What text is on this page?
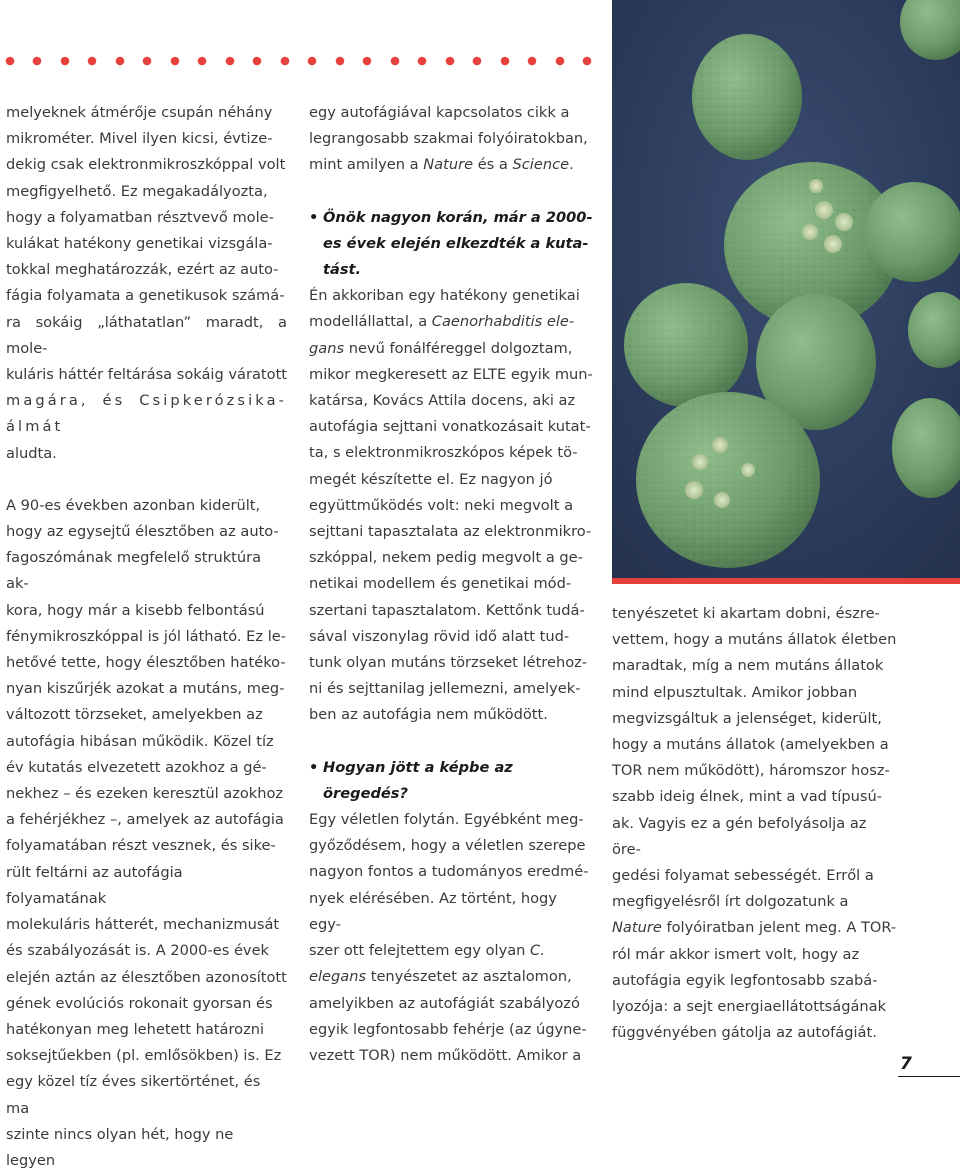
melyeknek átmérője csupán néhány
mikrométer. Mivel ilyen kicsi, évtize-
dekig csak elektronmikroszkóppal volt
megfigyelhető. Ez megakadályozta,
hogy a folyamatban résztvevő mole-
kulákat hatékony genetikai vizsgála-
tokkal meghatározzák, ezért az auto-
fágia folyamata a genetikusok számá-
ra sokáig „láthatatlan” maradt, a mole-
kuláris háttér feltárása sokáig váratott
magára, és Csipkerózsika-álmát
aludta.

A 90-es években azonban kiderült,
hogy az egysejtű élesztőben az auto-
fagoszómának megfelelő struktúra ak-
kora, hogy már a kisebb felbontású
fénymikroszkóppal is jól látható. Ez le-
hetővé tette, hogy élesztőben hatéko-
nyan kiszűrjék azokat a mutáns, meg-
változott törzseket, amelyekben az
autofágia hibásan működik. Közel tíz
év kutatás elvezetett azokhoz a gé-
nekhez – és ezeken keresztül azokhoz
a fehérjékhez –, amelyek az autofágia
folyamatában részt vesznek, és sike-
rült feltárni az autofágia folyamatának
molekuláris hátterét, mechanizmusát
és szabályozását is. A 2000-es évek
elején aztán az élesztőben azonosított
gének evolúciós rokonait gyorsan és
hatékonyan meg lehetett határozni
soksejtűekben (pl. emlősökben) is. Ez
egy közel tíz éves sikertörténet, és ma
szinte nincs olyan hét, hogy ne legyen

egy autofágiával kapcsolatos cikk a
legrangosabb szakmai folyóiratokban,
mint amilyen a Nature és a Science.

• Önök nagyon korán, már a 2000-
es évek elején elkezdték a kuta-
tást.

Én akkoriban egy hatékony genetikai
modellállattal, a Caenorhabditis ele-
gans nevű fonálféreggel dolgoztam,
mikor megkeresett az ELTE egyik mun-
katársa, Kovács Attila docens, aki az
autofágia sejttani vonatkozásait kutat-
ta, s elektronmikroszkópos képek tö-
megét készítette el. Ez nagyon jó
együttműködés volt: neki megvolt a
sejttani tapasztalata az elektronmikro-
szkóppal, nekem pedig megvolt a ge-
netikai modellem és genetikai mód-
szertani tapasztalatom. Kettőnk tudá-
sával viszonylag rövid idő alatt tud-
tunk olyan mutáns törzseket létrehoz-
ni és sejttanilag jellemezni, amelyek-
ben az autofágia nem működött.

• Hogyan jött a képbe az öregedés?

Egy véletlen folytán. Egyébként meg-
győződésem, hogy a véletlen szerepe
nagyon fontos a tudományos eredmé-
nyek elérésében. Az történt, hogy egy-
szer ott felejtettem egy olyan C.
elegans tenyészetet az asztalomon,
amelyikben az autofágiát szabályozó
egyik legfontosabb fehérje (az úgyne-
vezett TOR) nem működött. Amikor a

tenyészetet ki akartam dobni, észre-
vettem, hogy a mutáns állatok életben
maradtak, míg a nem mutáns állatok
mind elpusztultak. Amikor jobban
megvizsgáltuk a jelenséget, kiderült,
hogy a mutáns állatok (amelyekben a
TOR nem működött), háromszor hosz-
szabb ideig élnek, mint a vad típusú-
ak. Vagyis ez a gén befolyásolja az öre-
gedési folyamat sebességét. Erről a
megfigyelésről írt dolgozatunk a
Nature folyóiratban jelent meg. A TOR-
ról már akkor ismert volt, hogy az
autofágia egyik legfontosabb szabá-
lyozója: a sejt energiaellátottságának
függvényében gátolja az autofágiát.

7
